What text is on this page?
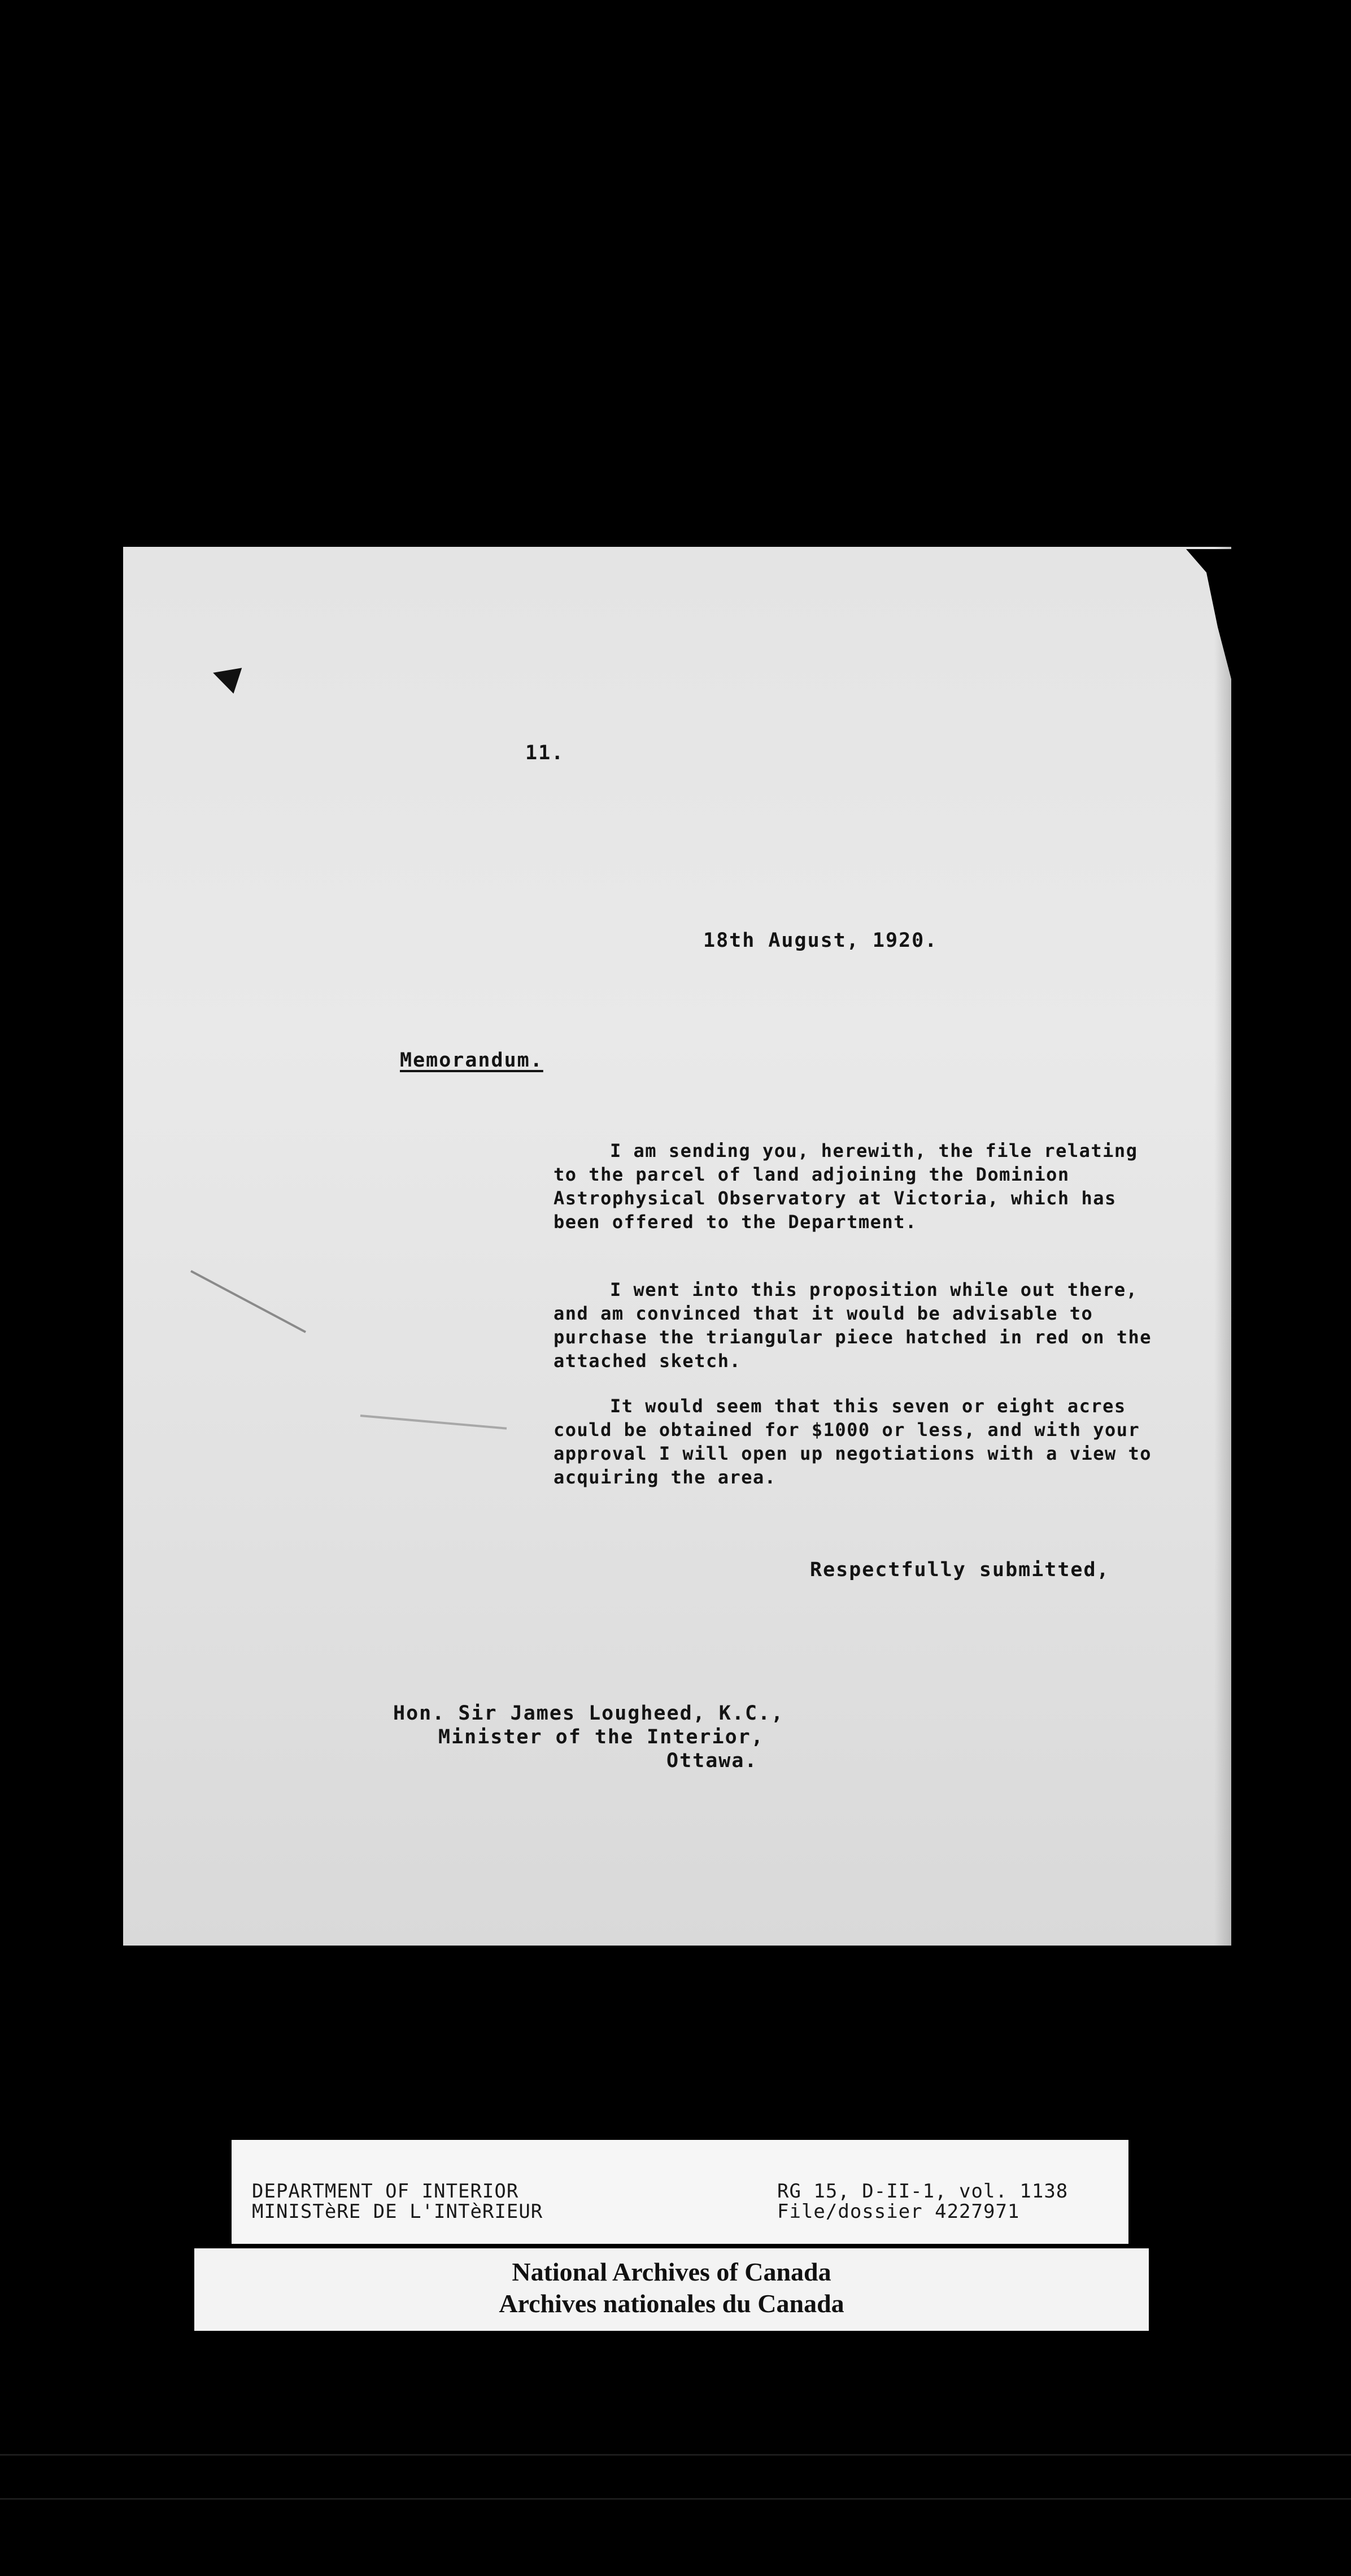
11.
18th August, 1920.
Memorandum.
I am sending you, herewith, the file relating to the parcel of land adjoining the Dominion Astrophysical Observatory at Victoria, which has been offered to the Department.
I went into this proposition while out there, and am convinced that it would be advisable to purchase the triangular piece hatched in red on the attached sketch.
It would seem that this seven or eight acres could be obtained for $1000 or less, and with your approval I will open up negotiations with a view to acquiring the area.
Respectfully submitted,
Hon. Sir James Lougheed, K.C.,
Minister of the Interior,
Ottawa.
DEPARTMENT OF INTERIOR
MINISTèRE DE L'INTèRIEUR
RG 15, D-II-1, vol. 1138
File/dossier 4227971
National Archives of Canada
Archives nationales du Canada
